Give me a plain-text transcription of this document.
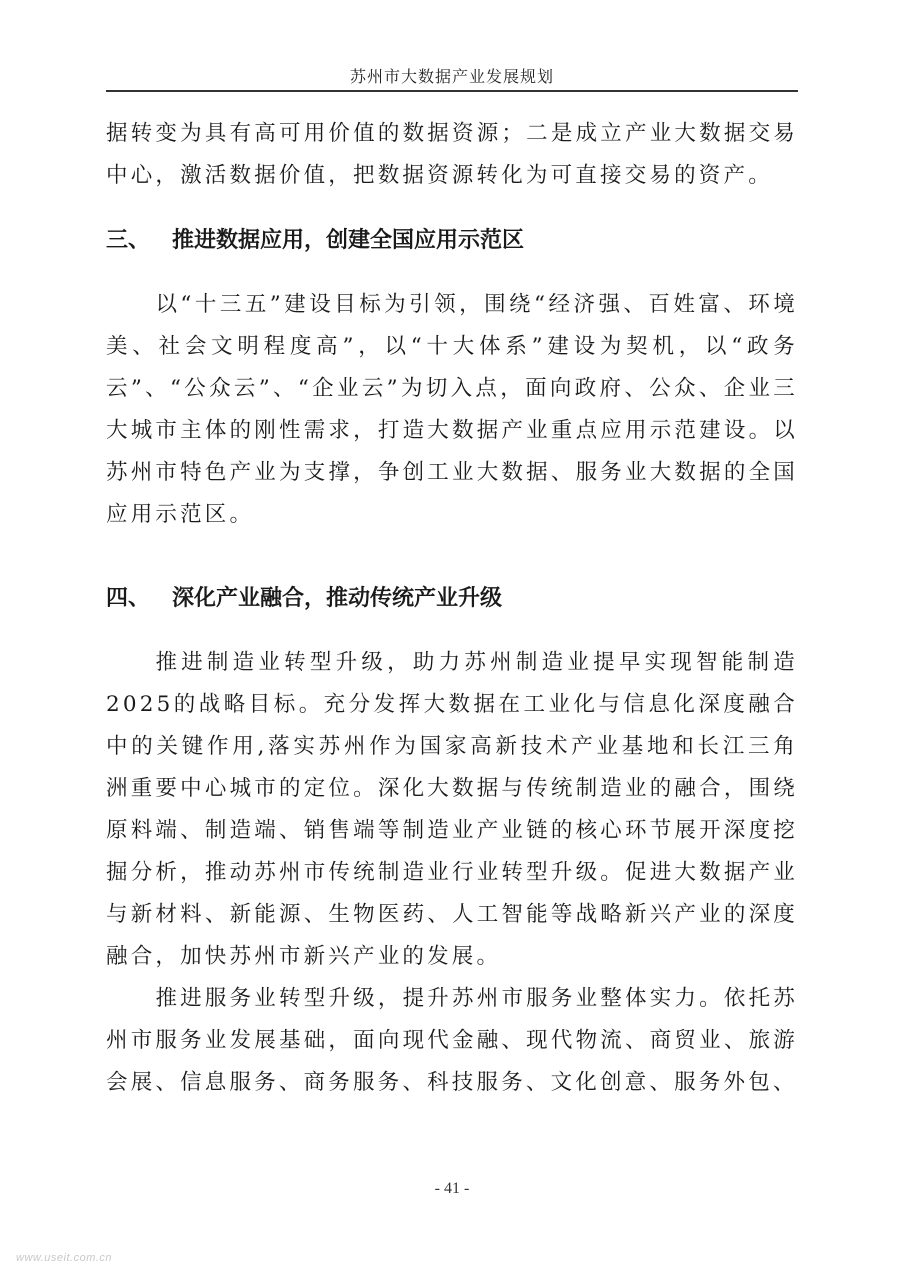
苏州市大数据产业发展规划

据转变为具有高可用价值的数据资源；二是成立产业大数据交易中心，激活数据价值，把数据资源转化为可直接交易的资产。

三、 推进数据应用，创建全国应用示范区

以“十三五”建设目标为引领，围绕“经济强、百姓富、环境美、社会文明程度高”，以“十大体系”建设为契机，以“政务云”、“公众云”、“企业云”为切入点，面向政府、公众、企业三大城市主体的刚性需求，打造大数据产业重点应用示范建设。以苏州市特色产业为支撑，争创工业大数据、服务业大数据的全国应用示范区。

四、 深化产业融合，推动传统产业升级

推进制造业转型升级，助力苏州制造业提早实现智能制造2025的战略目标。充分发挥大数据在工业化与信息化深度融合中的关键作用,落实苏州作为国家高新技术产业基地和长江三角洲重要中心城市的定位。深化大数据与传统制造业的融合，围绕原料端、制造端、销售端等制造业产业链的核心环节展开深度挖掘分析，推动苏州市传统制造业行业转型升级。促进大数据产业与新材料、新能源、生物医药、人工智能等战略新兴产业的深度融合，加快苏州市新兴产业的发展。

推进服务业转型升级，提升苏州市服务业整体实力。依托苏州市服务业发展基础，面向现代金融、现代物流、商贸业、旅游会展、信息服务、商务服务、科技服务、文化创意、服务外包、

- 41 -
www.useit.com.cn
